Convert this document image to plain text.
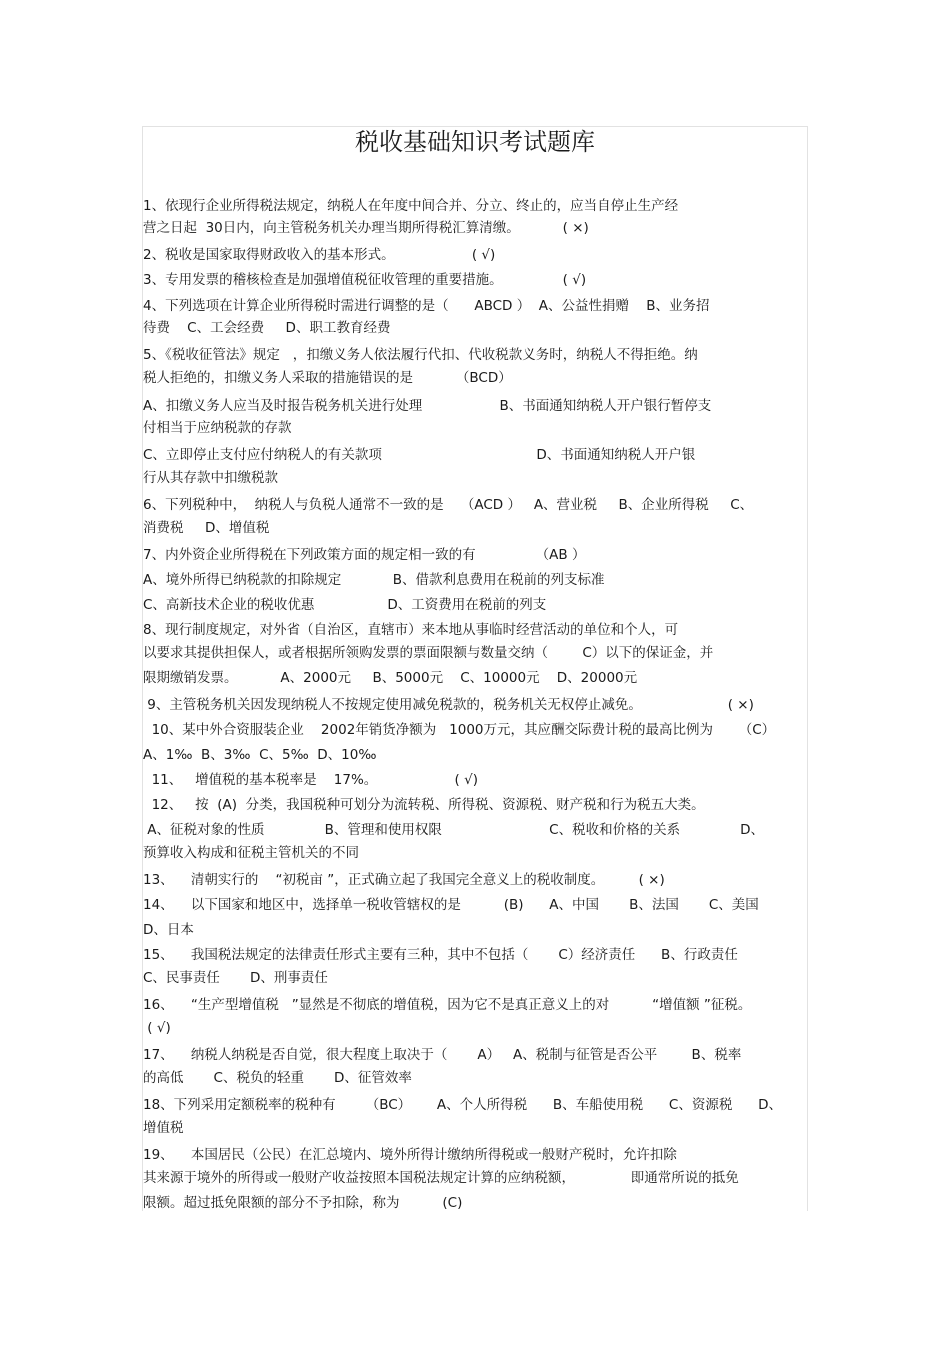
税收基础知识考试题库
1、依现行企业所得税法规定，纳税人在年度中间合并、分立、终止的，应当自停止生产经
营之日起  30日内，向主管税务机关办理当期所得税汇算清缴。          ( ×)
2、税收是国家取得财政收入的基本形式。                  ( √)
3、专用发票的稽核检查是加强增值税征收管理的重要措施。              ( √)
4、下列选项在计算企业所得税时需进行调整的是（      ABCD ）  A、公益性捐赠    B、业务招
待费    C、工会经费     D、职工教育经费
5、《税收征管法》规定   ，扣缴义务人依法履行代扣、代收税款义务时，纳税人不得拒绝。纳
税人拒绝的，扣缴义务人采取的措施错误的是          （BCD）
A、扣缴义务人应当及时报告税务机关进行处理                  B、书面通知纳税人开户银行暂停支
付相当于应纳税款的存款
C、立即停止支付应付纳税人的有关款项                                    D、书面通知纳税人开户银
行从其存款中扣缴税款
6、下列税种中，  纳税人与负税人通常不一致的是    （ACD ）   A、营业税     B、企业所得税     C、
消费税     D、增值税
7、内外资企业所得税在下列政策方面的规定相一致的有              （AB ）
A、境外所得已纳税款的扣除规定            B、借款利息费用在税前的列支标准
C、高新技术企业的税收优惠                 D、工资费用在税前的列支
8、现行制度规定，对外省（自治区，直辖市）来本地从事临时经营活动的单位和个人，可
以要求其提供担保人，或者根据所领购发票的票面限额与数量交纳（        C）以下的保证金，并
限期缴销发票。          A、2000元     B、5000元    C、10000元    D、20000元
9、主管税务机关因发现纳税人不按规定使用减免税款的，税务机关无权停止减免。                    ( ×)
10、某中外合资服装企业    2002年销货净额为   1000万元，其应酬交际费计税的最高比例为      （C）
A、1‰  B、3‰  C、5‰  D、10‰
11、   增值税的基本税率是    17%。                  ( √)
12、   按  (A)  分类，我国税种可划分为流转税、所得税、资源税、财产税和行为税五大类。
A、征税对象的性质              B、管理和使用权限                         C、税收和价格的关系              D、
预算收入构成和征税主管机关的不同
13、    清朝实行的    “初税亩 ”，正式确立起了我国完全意义上的税收制度。        ( ×)
14、    以下国家和地区中，选择单一税收管辖权的是          (B)      A、中国       B、法国       C、美国
D、日本
15、    我国税法规定的法律责任形式主要有三种，其中不包括（       C）经济责任      B、行政责任
C、民事责任       D、刑事责任
16、    “生产型增值税   ”显然是不彻底的增值税，因为它不是真正意义上的对          “增值额 ”征税。
( √)
17、    纳税人纳税是否自觉，很大程度上取决于（       A）   A、税制与征管是否公平        B、税率
的高低       C、税负的轻重       D、征管效率
18、下列采用定额税率的税种有       （BC）      A、个人所得税      B、车船使用税      C、资源税      D、
增值税
19、    本国居民（公民）在汇总境内、境外所得计缴纳所得税或一般财产税时，允许扣除
其来源于境外的所得或一般财产收益按照本国税法规定计算的应纳税额，             即通常所说的抵免
限额。超过抵免限额的部分不予扣除，称为          (C)
